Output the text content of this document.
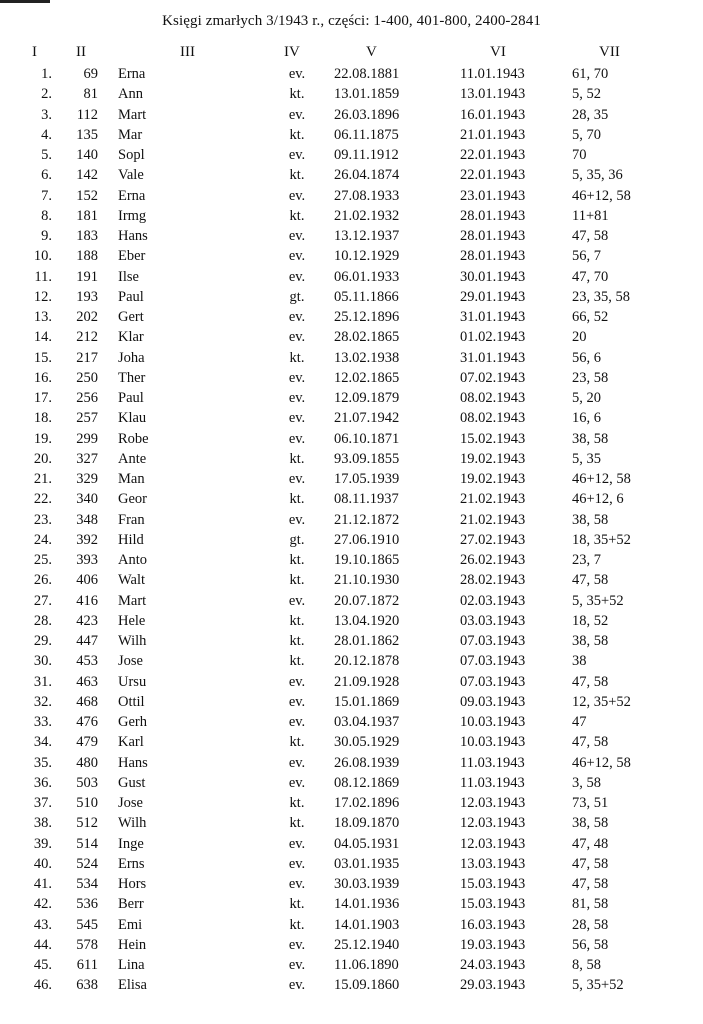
Księgi zmarłych 3/1943 r., części: 1-400, 401-800, 2400-2841
I	II	III	IV	V	VI	VII
1.	69 Erna	ev.	22.08.1881	11.01.1943	61, 70
2.	81 Ann	kt.	13.01.1859	13.01.1943	5, 52
3.	112 Mart	ev.	26.03.1896	16.01.1943	28, 35
4.	135 Mar	kt.	06.11.1875	21.01.1943	5, 70
5.	140 Sopl	ev.	09.11.1912	22.01.1943	70
6.	142 Vale	kt.	26.04.1874	22.01.1943	5, 35, 36
7.	152 Erna	ev.	27.08.1933	23.01.1943	46+12, 58
8.	181 Irmg	kt.	21.02.1932	28.01.1943	11+81
9.	183 Hans	ev.	13.12.1937	28.01.1943	47, 58
10.	188 Eber	ev.	10.12.1929	28.01.1943	56, 7
11.	191 Ilse	ev.	06.01.1933	30.01.1943	47, 70
12.	193 Paul	gt.	05.11.1866	29.01.1943	23, 35, 58
13.	202 Gert	ev.	25.12.1896	31.01.1943	66, 52
14.	212 Klar	ev.	28.02.1865	01.02.1943	20
15.	217 Joha	kt.	13.02.1938	31.01.1943	56, 6
16.	250 Ther	ev.	12.02.1865	07.02.1943	23, 58
17.	256 Paul	ev.	12.09.1879	08.02.1943	5, 20
18.	257 Klau	ev.	21.07.1942	08.02.1943	16, 6
19.	299 Robe	ev.	06.10.1871	15.02.1943	38, 58
20.	327 Ante	kt.	93.09.1855	19.02.1943	5, 35
21.	329 Man	ev.	17.05.1939	19.02.1943	46+12, 58
22.	340 Geor	kt.	08.11.1937	21.02.1943	46+12, 6
23.	348 Fran	ev.	21.12.1872	21.02.1943	38, 58
24.	392 Hild	gt.	27.06.1910	27.02.1943	18, 35+52
25.	393 Anto	kt.	19.10.1865	26.02.1943	23, 7
26.	406 Walt	kt.	21.10.1930	28.02.1943	47, 58
27.	416 Mart	ev.	20.07.1872	02.03.1943	5, 35+52
28.	423 Hele	kt.	13.04.1920	03.03.1943	18, 52
29.	447 Wilh	kt.	28.01.1862	07.03.1943	38, 58
30.	453 Jose	kt.	20.12.1878	07.03.1943	38
31.	463 Ursu	ev.	21.09.1928	07.03.1943	47, 58
32.	468 Ottil	ev.	15.01.1869	09.03.1943	12, 35+52
33.	476 Gerh	ev.	03.04.1937	10.03.1943	47
34.	479 Karl	kt.	30.05.1929	10.03.1943	47, 58
35.	480 Hans	ev.	26.08.1939	11.03.1943	46+12, 58
36.	503 Gust	ev.	08.12.1869	11.03.1943	3, 58
37.	510 Jose	kt.	17.02.1896	12.03.1943	73, 51
38.	512 Wilh	kt.	18.09.1870	12.03.1943	38, 58
39.	514 Inge	ev.	04.05.1931	12.03.1943	47, 48
40.	524 Erns	ev.	03.01.1935	13.03.1943	47, 58
41.	534 Hors	ev.	30.03.1939	15.03.1943	47, 58
42.	536 Berr	kt.	14.01.1936	15.03.1943	81, 58
43.	545 Emi	kt.	14.01.1903	16.03.1943	28, 58
44.	578 Hein	ev.	25.12.1940	19.03.1943	56, 58
45.	611 Lina	ev.	11.06.1890	24.03.1943	8, 58
46.	638 Elisa	ev.	15.09.1860	29.03.1943	5, 35+52
